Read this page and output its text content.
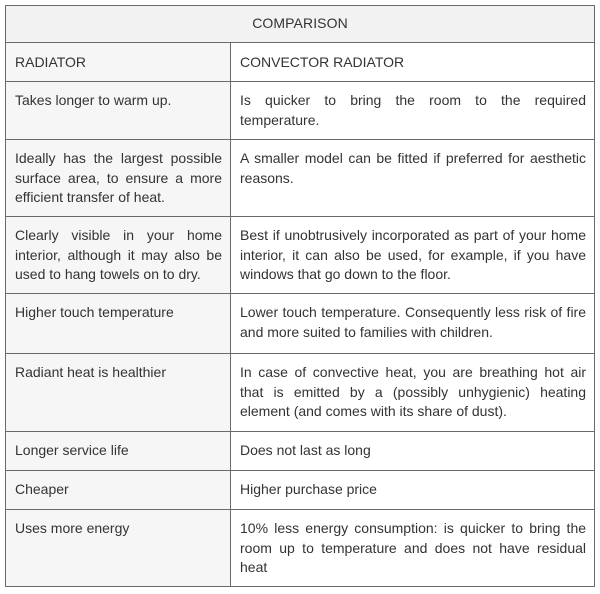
COMPARISON	

RADIATOR	CONVECTOR RADIATOR

Takes longer to warm up.	Is quicker to bring the room to the required temperature.

Ideally has the largest possible surface area, to ensure a more efficient transfer of heat.	A smaller model can be fitted if preferred for aesthetic reasons.

Clearly visible in your home interior, although it may also be used to hang towels on to dry.	Best if unobtrusively incorporated as part of your home interior, it can also be used, for example, if you have windows that go down to the floor.

Higher touch temperature	Lower touch temperature. Consequently less risk of fire and more suited to families with children.

Radiant heat is healthier	In case of convective heat, you are breathing hot air that is emitted by a (possibly unhygienic) heating element (and comes with its share of dust).

Longer service life	Does not last as long

Cheaper	Higher purchase price

Uses more energy	10% less energy consumption: is quicker to bring the room up to temperature and does not have residual heat
